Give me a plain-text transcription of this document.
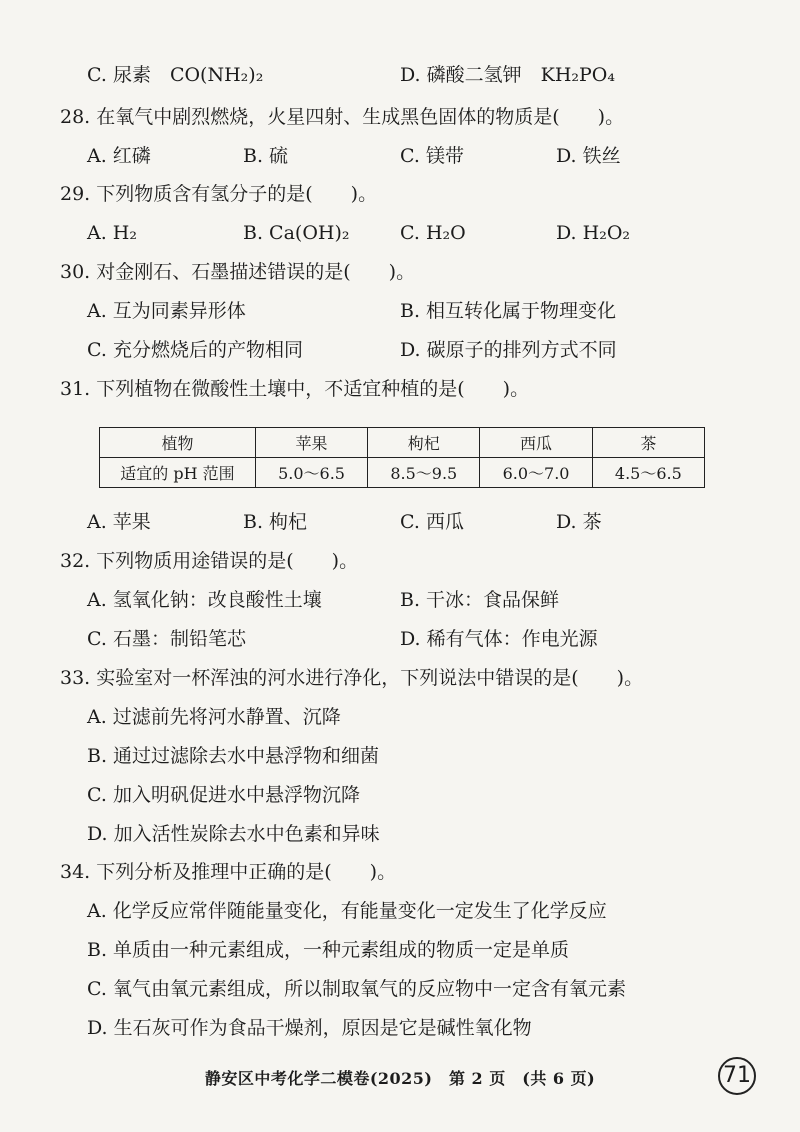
C. 尿素　CO(NH₂)₂	D. 磷酸二氢钾　KH₂PO₄
28. 在氧气中剧烈燃烧，火星四射、生成黑色固体的物质是(　　)。
A. 红磷	B. 硫	C. 镁带	D. 铁丝
29. 下列物质含有氢分子的是(　　)。
A. H₂	B. Ca(OH)₂	C. H₂O	D. H₂O₂
30. 对金刚石、石墨描述错误的是(　　)。
A. 互为同素异形体	B. 相互转化属于物理变化
C. 充分燃烧后的产物相同	D. 碳原子的排列方式不同
31. 下列植物在微酸性土壤中，不适宜种植的是(　　)。
植物	苹果	枸杞	西瓜	茶
适宜的 pH 范围	5.0～6.5	8.5～9.5	6.0～7.0	4.5～6.5
A. 苹果	B. 枸杞	C. 西瓜	D. 茶
32. 下列物质用途错误的是(　　)。
A. 氢氧化钠：改良酸性土壤	B. 干冰：食品保鲜
C. 石墨：制铅笔芯	D. 稀有气体：作电光源
33. 实验室对一杯浑浊的河水进行净化，下列说法中错误的是(　　)。
A. 过滤前先将河水静置、沉降
B. 通过过滤除去水中悬浮物和细菌
C. 加入明矾促进水中悬浮物沉降
D. 加入活性炭除去水中色素和异味
34. 下列分析及推理中正确的是(　　)。
A. 化学反应常伴随能量变化，有能量变化一定发生了化学反应
B. 单质由一种元素组成，一种元素组成的物质一定是单质
C. 氧气由氧元素组成，所以制取氧气的反应物中一定含有氧元素
D. 生石灰可作为食品干燥剂，原因是它是碱性氧化物
静安区中考化学二模卷(2025)　第 2 页　(共 6 页)	71
